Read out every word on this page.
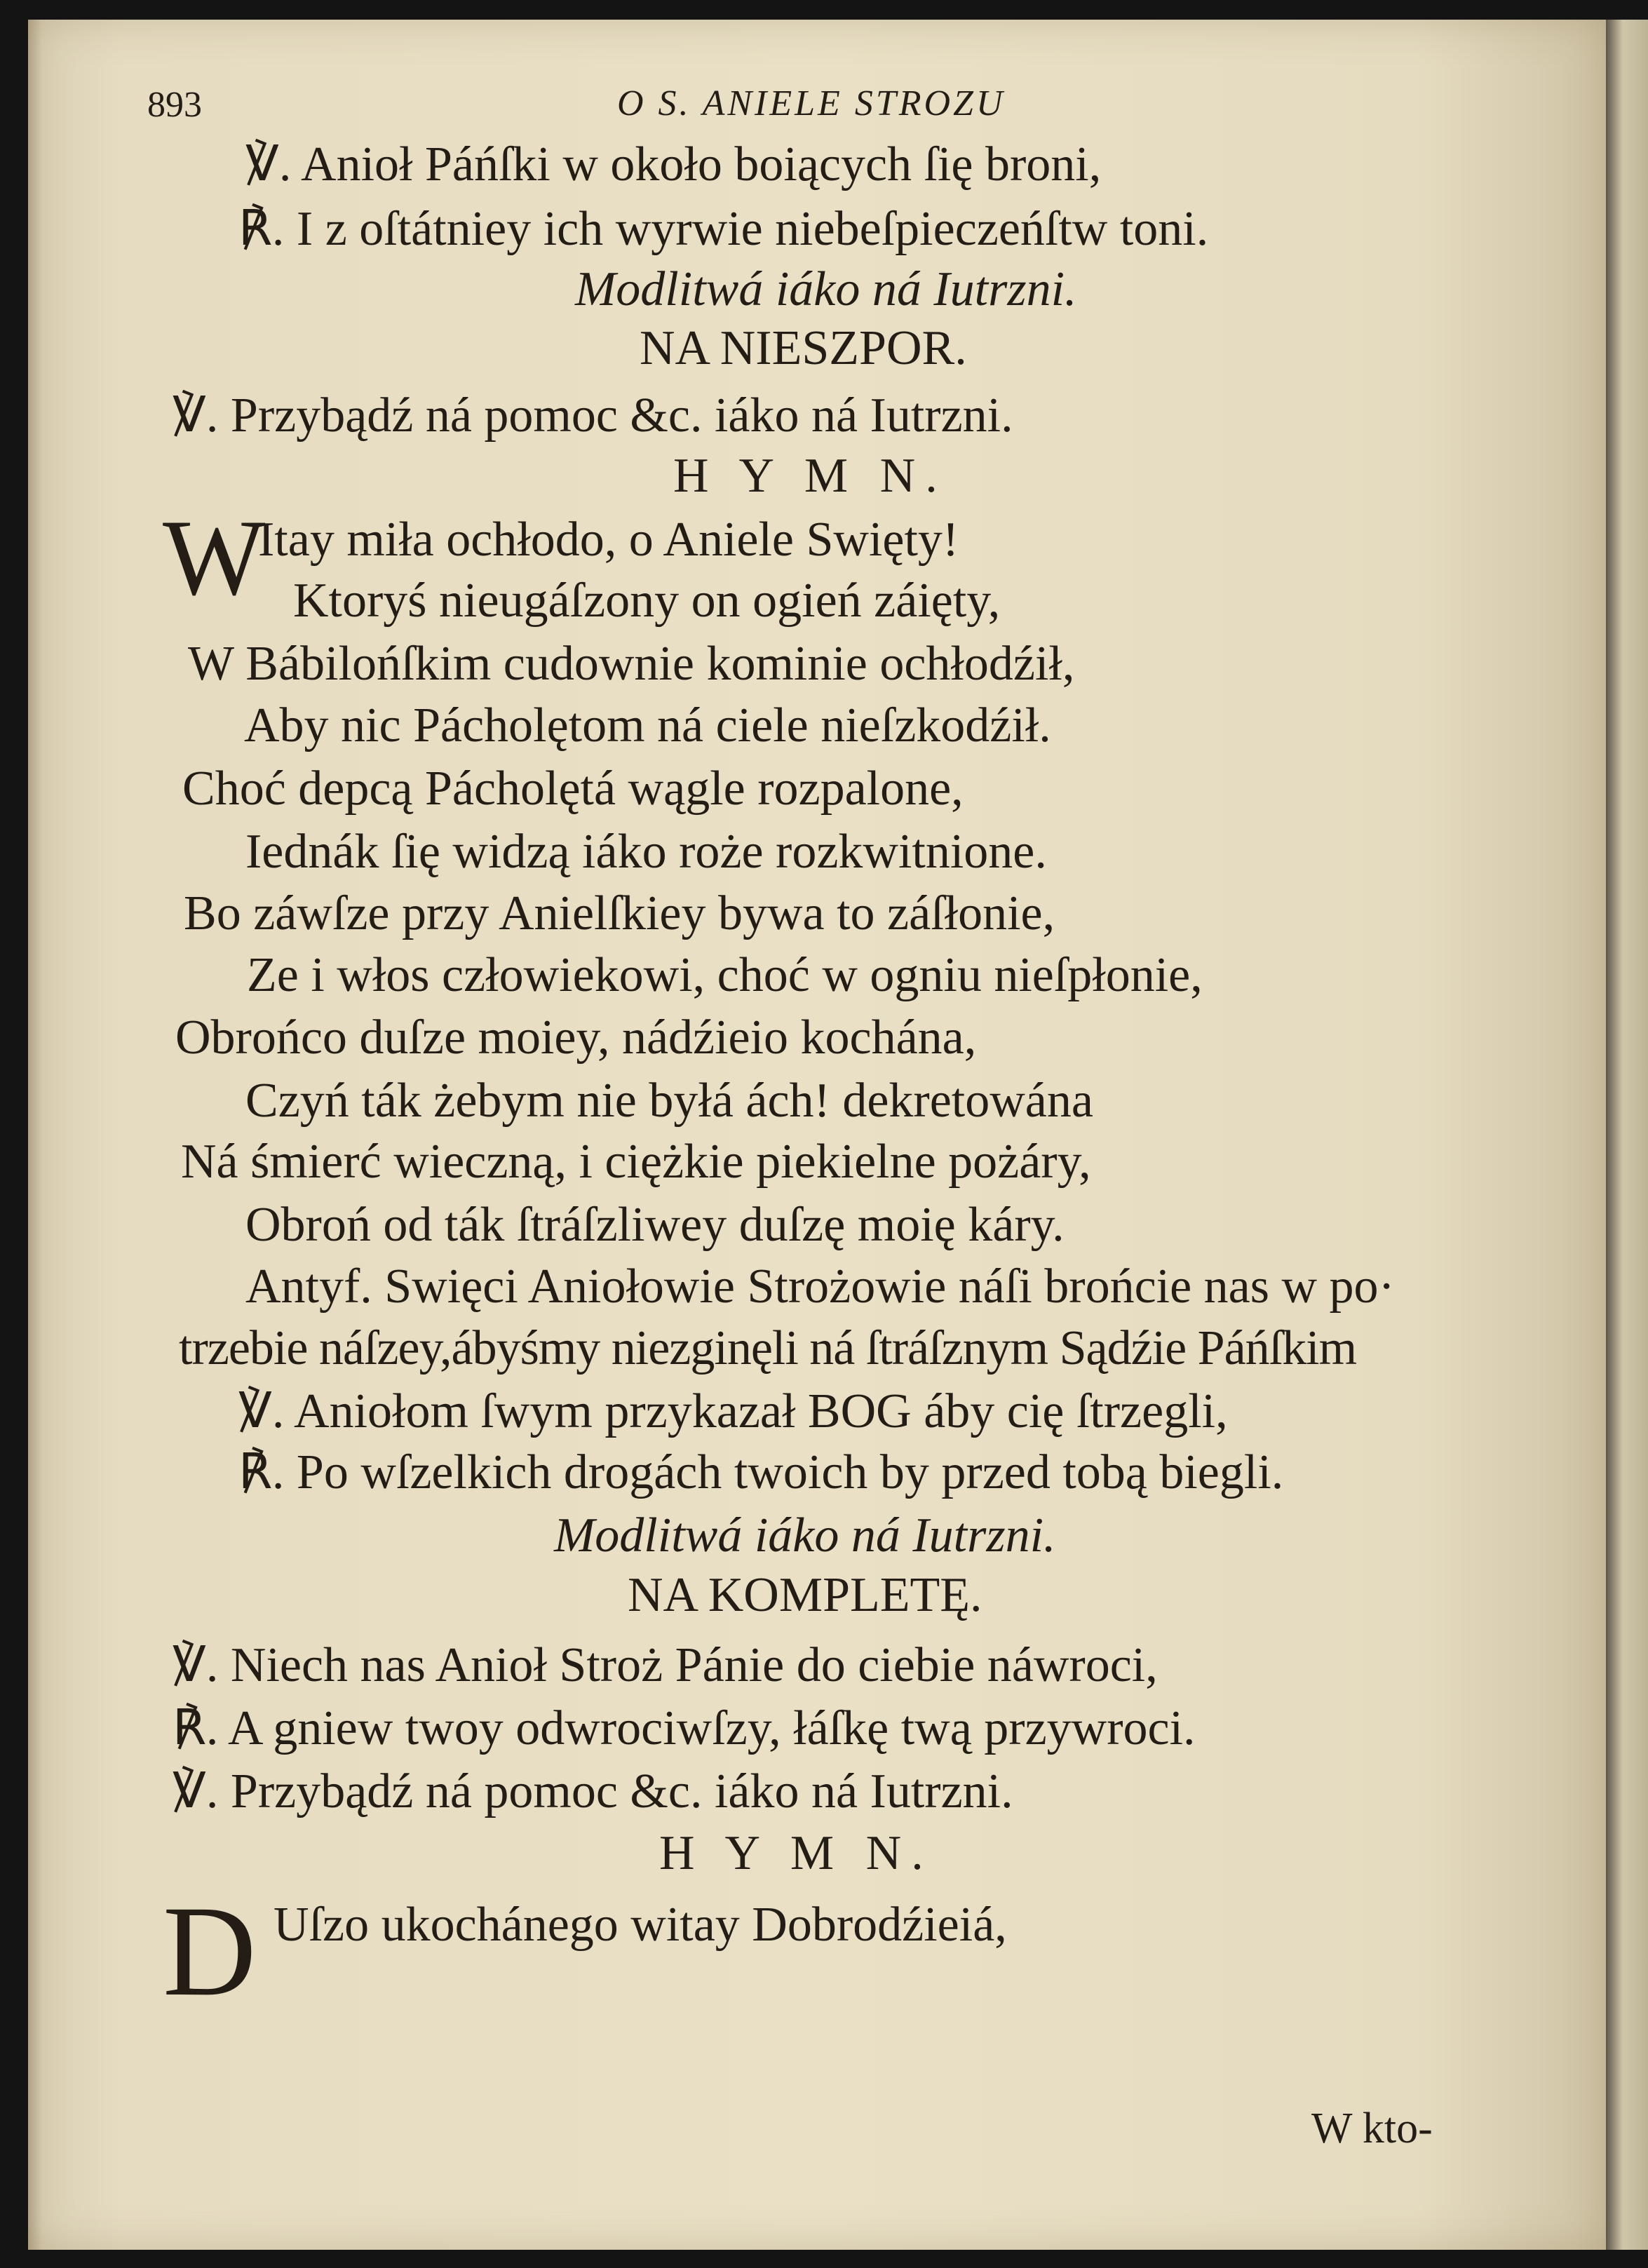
893	O S. ANIELE STROZU
℣. Anioł Páńſki w około boiących ſię broni,
℟. I z oſtátniey ich wyrwie niebeſpieczeńſtw toni.
Modlitwá iáko ná Iutrzni.
NA NIESZPOR.
℣. Przybądź ná pomoc &c. iáko ná Iutrzni.
H Y M N.
W
Itay miła ochłodo, o Aniele Swięty!
Ktoryś nieugáſzony on ogień záięty,
W Bábilońſkim cudownie kominie ochłodźił,
Aby nic Pácholętom ná ciele nieſzkodźił.
Choć depcą Pácholętá wągle rozpalone,
Iednák ſię widzą iáko rożе rozkwitnione.
Bo záwſze przy Anielſkiey bywa to záſłonie,
Ze i włos człowiekowi, choć w ogniu nieſpłonie,
Obrońco duſze moiey, nádźieio kochána,
Czyń ták żebym nie byłá ách! dekretowána
Ná śmierć wieczną, i ciężkie piekielne pożáry,
Obroń od ták ſtráſzliwey duſzę moię káry.
Antyf. Swięci Aniołowie Strożowie náſi brońcie nas w po·
trzebie náſzey,ábyśmy niezginęli ná ſtráſznym Sądźie Páńſkim
℣. Aniołom ſwym przykazał BOG áby cię ſtrzegli,
℟. Po wſzelkich drogách twoich by przed tobą biegli.
Modlitwá iáko ná Iutrzni.
NA KOMPLETĘ.
℣. Niech nas Anioł Stroż Pánie do ciebie náwroci,
℟. A gniew twoy odwrociwſzy, łáſkę twą przywroci.
℣. Przybądź ná pomoc &c. iáko ná Iutrzni.
H Y M N.
D Uſzo ukochánego witay Dobrodźieiá,
W kto-
